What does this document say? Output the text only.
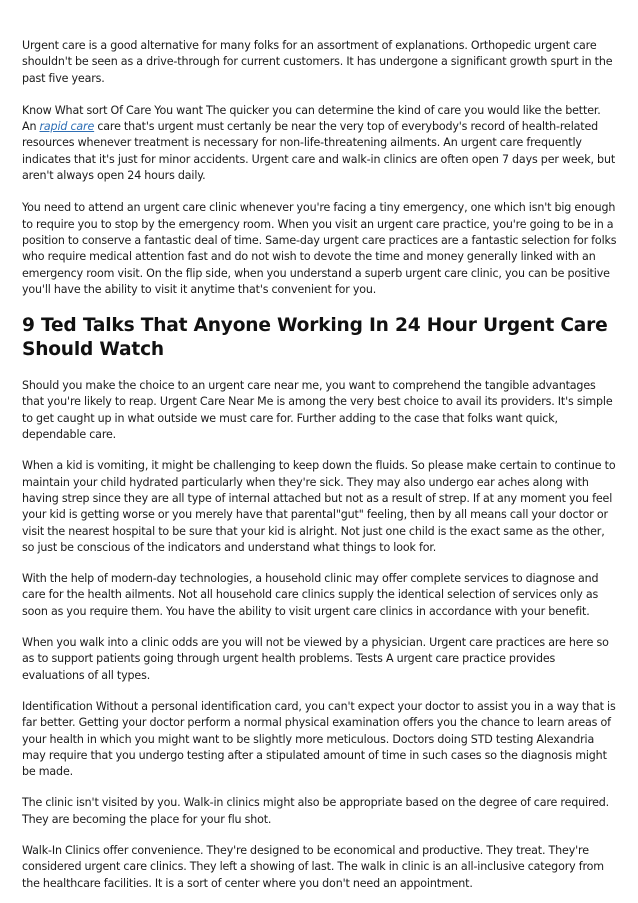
Urgent care is a good alternative for many folks for an assortment of explanations. Orthopedic urgent care shouldn't be seen as a drive-through for current customers. It has undergone a significant growth spurt in the past five years.

Know What sort Of Care You want The quicker you can determine the kind of care you would like the better. An rapid care care that's urgent must certanly be near the very top of everybody's record of health-related resources whenever treatment is necessary for non-life-threatening ailments. An urgent care frequently indicates that it's just for minor accidents. Urgent care and walk-in clinics are often open 7 days per week, but aren't always open 24 hours daily.

You need to attend an urgent care clinic whenever you're facing a tiny emergency, one which isn't big enough to require you to stop by the emergency room. When you visit an urgent care practice, you're going to be in a position to conserve a fantastic deal of time. Same-day urgent care practices are a fantastic selection for folks who require medical attention fast and do not wish to devote the time and money generally linked with an emergency room visit. On the flip side, when you understand a superb urgent care clinic, you can be positive you'll have the ability to visit it anytime that's convenient for you.

9 Ted Talks That Anyone Working In 24 Hour Urgent Care Should Watch

Should you make the choice to an urgent care near me, you want to comprehend the tangible advantages that you're likely to reap. Urgent Care Near Me is among the very best choice to avail its providers. It's simple to get caught up in what outside we must care for. Further adding to the case that folks want quick, dependable care.

When a kid is vomiting, it might be challenging to keep down the fluids. So please make certain to continue to maintain your child hydrated particularly when they're sick. They may also undergo ear aches along with having strep since they are all type of internal attached but not as a result of strep. If at any moment you feel your kid is getting worse or you merely have that parental"gut" feeling, then by all means call your doctor or visit the nearest hospital to be sure that your kid is alright. Not just one child is the exact same as the other, so just be conscious of the indicators and understand what things to look for.

With the help of modern-day technologies, a household clinic may offer complete services to diagnose and care for the health ailments. Not all household care clinics supply the identical selection of services only as soon as you require them. You have the ability to visit urgent care clinics in accordance with your benefit.

When you walk into a clinic odds are you will not be viewed by a physician. Urgent care practices are here so as to support patients going through urgent health problems. Tests A urgent care practice provides evaluations of all types.

Identification Without a personal identification card, you can't expect your doctor to assist you in a way that is far better. Getting your doctor perform a normal physical examination offers you the chance to learn areas of your health in which you might want to be slightly more meticulous. Doctors doing STD testing Alexandria may require that you undergo testing after a stipulated amount of time in such cases so the diagnosis might be made.

The clinic isn't visited by you. Walk-in clinics might also be appropriate based on the degree of care required. They are becoming the place for your flu shot.

Walk-In Clinics offer convenience. They're designed to be economical and productive. They treat. They're considered urgent care clinics. They left a showing of last. The walk in clinic is an all-inclusive category from the healthcare facilities. It is a sort of center where you don't need an appointment.
